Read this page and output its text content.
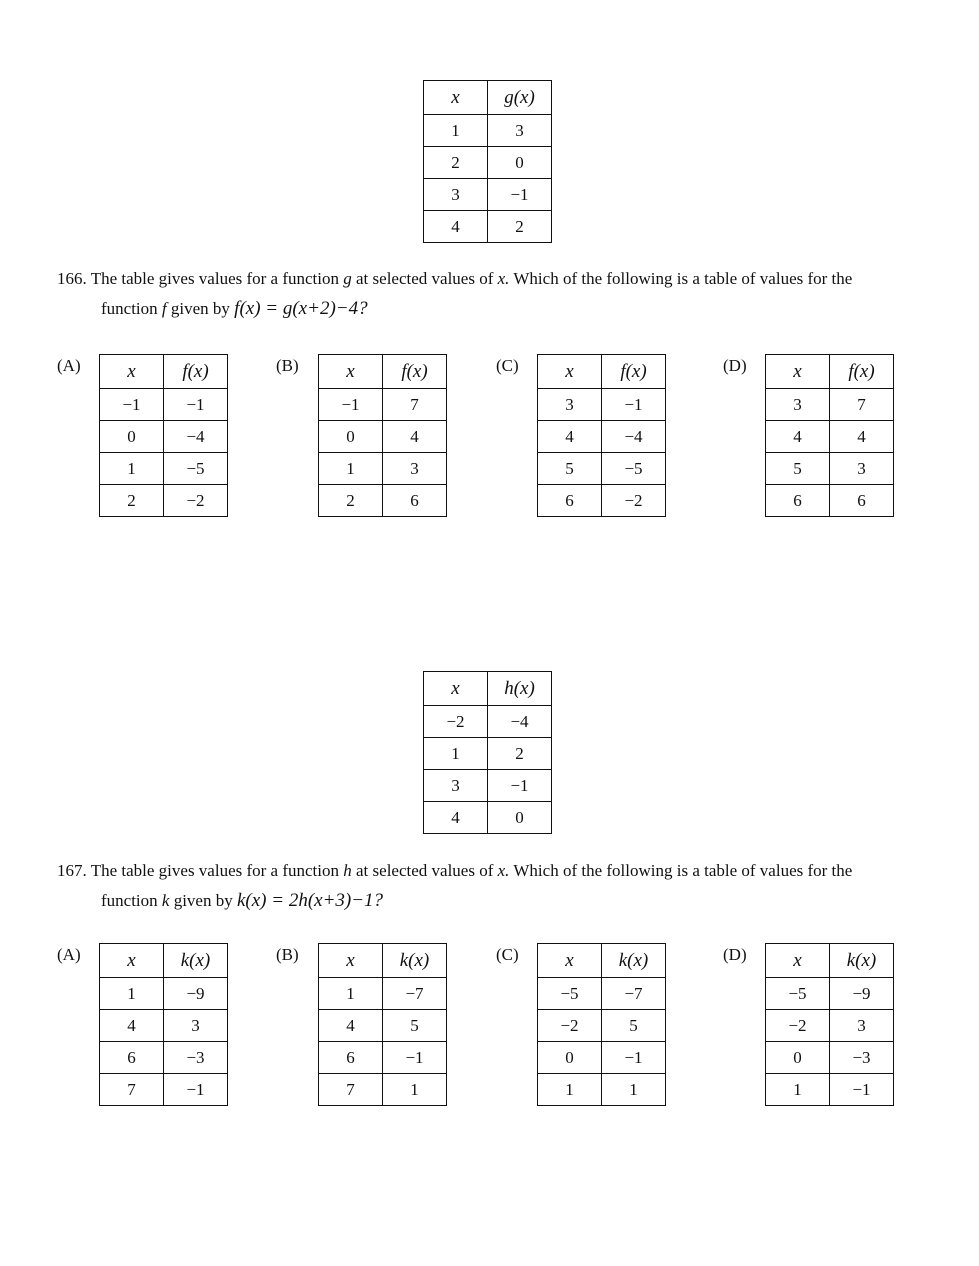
x	g(x)
1	3
2	0
3	−1
4	2
166. The table gives values for a function g at selected values of x. Which of the following is a table of values for the
function f given by f(x) = g(x+2)−4?
(A) x	f(x)
−1	−1
0	−4
1	−5
2	−2
(B)	x	f(x)
−1	7
0	4
1	3
2	6
(C) x	f(x)
3	−1
4	−4
5	−5
6	−2
(D) x	f(x)
3	7
4	4
5	3
6	6
x	h(x)
−2	−4
1	2
3	−1
4	0
167. The table gives values for a function h at selected values of x. Which of the following is a table of values for the
function k given by k(x) = 2h(x+3)−1?
(A) x	k(x)
1	−9
4	3
6	−3
7	−1
(B)	x	k(x)
1	−7
4	5
6	−1
7	1
(C) x	k(x)
−5	−7
−2	5
0	−1
1	1
(D) x	k(x)
−5	−9
−2	3
0	−3
1	−1
